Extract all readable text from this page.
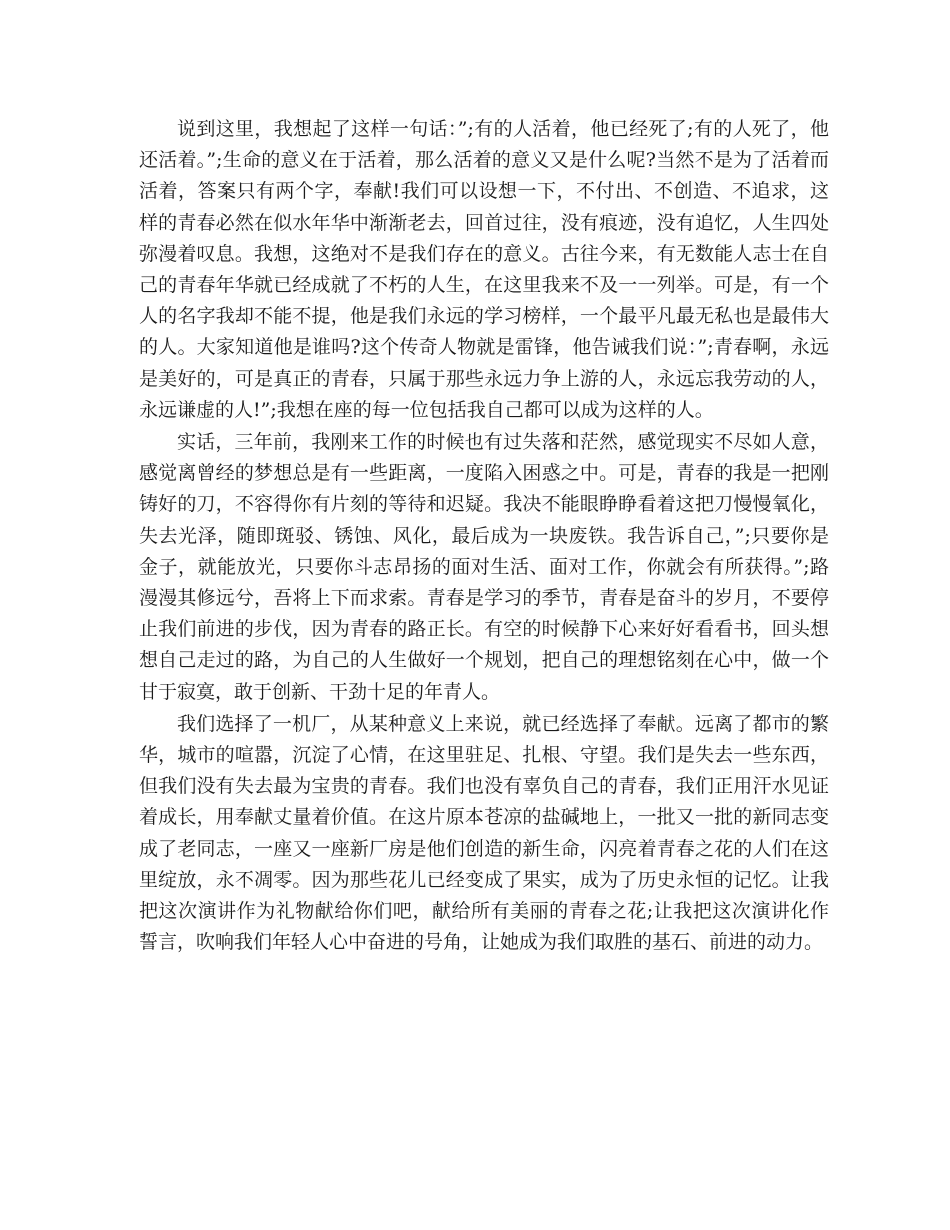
说到这里，我想起了这样一句话：”;有的人活着，他已经死了;有的人死了，他还活着。”;生命的意义在于活着，那么活着的意义又是什么呢?当然不是为了活着而活着，答案只有两个字，奉献!我们可以设想一下，不付出、不创造、不追求，这样的青春必然在似水年华中渐渐老去，回首过往，没有痕迹，没有追忆，人生四处弥漫着叹息。我想，这绝对不是我们存在的意义。古往今来，有无数能人志士在自己的青春年华就已经成就了不朽的人生，在这里我来不及一一列举。可是，有一个人的名字我却不能不提，他是我们永远的学习榜样，一个最平凡最无私也是最伟大的人。大家知道他是谁吗?这个传奇人物就是雷锋，他告诫我们说：”;青春啊，永远是美好的，可是真正的青春，只属于那些永远力争上游的人，永远忘我劳动的人，永远谦虚的人!”;我想在座的每一位包括我自己都可以成为这样的人。

实话，三年前，我刚来工作的时候也有过失落和茫然，感觉现实不尽如人意，感觉离曾经的梦想总是有一些距离，一度陷入困惑之中。可是，青春的我是一把刚铸好的刀，不容得你有片刻的等待和迟疑。我决不能眼睁睁看着这把刀慢慢氧化，失去光泽，随即斑驳、锈蚀、风化，最后成为一块废铁。我告诉自己，”;只要你是金子，就能放光，只要你斗志昂扬的面对生活、面对工作，你就会有所获得。”;路漫漫其修远兮，吾将上下而求索。青春是学习的季节，青春是奋斗的岁月，不要停止我们前进的步伐，因为青春的路正长。有空的时候静下心来好好看看书，回头想想自己走过的路，为自己的人生做好一个规划，把自己的理想铭刻在心中，做一个甘于寂寞，敢于创新、干劲十足的年青人。

我们选择了一机厂，从某种意义上来说，就已经选择了奉献。远离了都市的繁华，城市的喧嚣，沉淀了心情，在这里驻足、扎根、守望。我们是失去一些东西，但我们没有失去最为宝贵的青春。我们也没有辜负自己的青春，我们正用汗水见证着成长，用奉献丈量着价值。在这片原本苍凉的盐碱地上，一批又一批的新同志变成了老同志，一座又一座新厂房是他们创造的新生命，闪亮着青春之花的人们在这里绽放，永不凋零。因为那些花儿已经变成了果实，成为了历史永恒的记忆。让我把这次演讲作为礼物献给你们吧，献给所有美丽的青春之花;让我把这次演讲化作誓言，吹响我们年轻人心中奋进的号角，让她成为我们取胜的基石、前进的动力。
